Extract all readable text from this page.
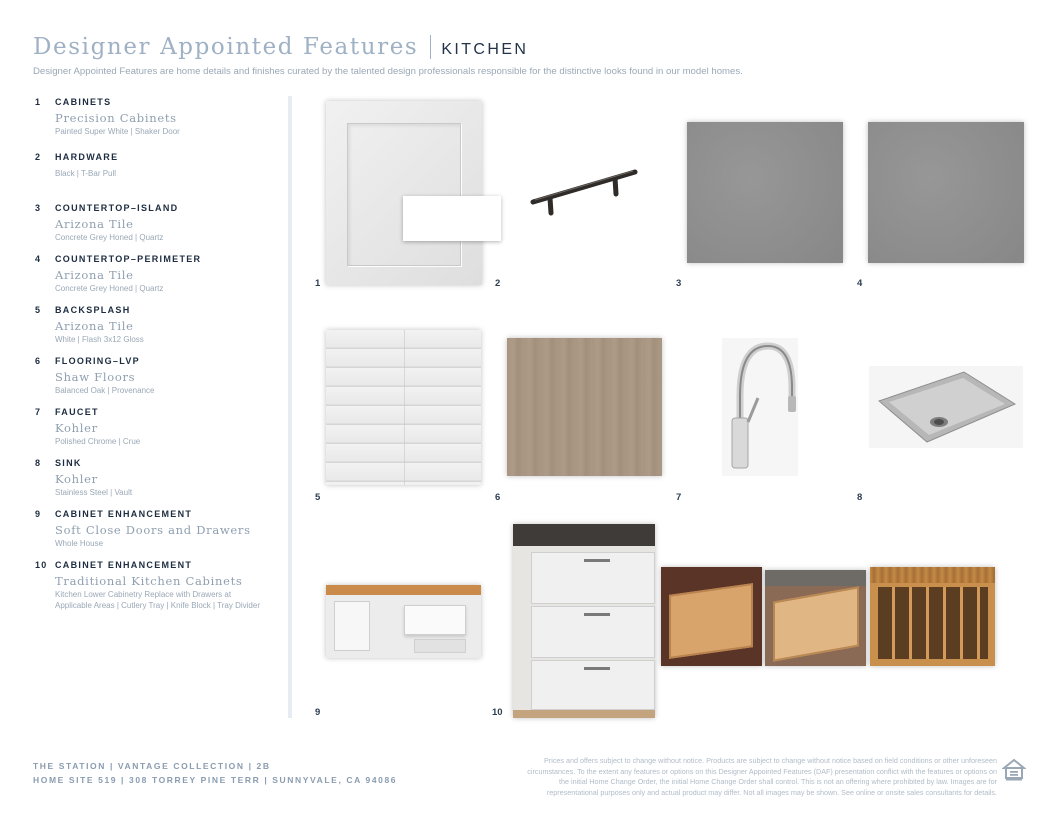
Designer Appointed Features KITCHEN
Designer Appointed Features are home details and finishes curated by the talented design professionals responsible for the distinctive looks found in our model homes.
1	CABINETS
Precision Cabinets
Painted Super White | Shaker Door
2	HARDWARE
Black | T-Bar Pull
3	COUNTERTOP–ISLAND
Arizona Tile
Concrete Grey Honed | Quartz
4	COUNTERTOP–PERIMETER
Arizona Tile
Concrete Grey Honed | Quartz
5	BACKSPLASH
Arizona Tile
White | Flash 3x12 Gloss
6	FLOORING–LVP
Shaw Floors
Balanced Oak | Provenance
7	FAUCET
Kohler
Polished Chrome | Crue
8	SINK
Kohler
Stainless Steel | Vault
9	CABINET ENHANCEMENT
Soft Close Doors and Drawers
Whole House
10 CABINET ENHANCEMENT
Traditional Kitchen Cabinets
Kitchen Lower Cabinetry Replace with Drawers at Applicable Areas | Cutlery Tray | Knife Block | Tray Divider
1	2	3	4
5	6	7	8
9	10
THE STATION | VANTAGE COLLECTION | 2B
HOME SITE 519 | 308 TORREY PINE TERR | SUNNYVALE, CA 94086
Prices and offers subject to change without notice. Products are subject to change without notice based on field conditions or other unforeseen circumstances. To the extent any features or options on this Designer Appointed Features (DAF) presentation conflict with the features or options on the initial Home Change Order, the initial Home Change Order shall control. This is not an offering where prohibited by law. Images are for representational purposes only and actual product may differ. Not all images may be shown. See online or onsite sales consultants for details.
